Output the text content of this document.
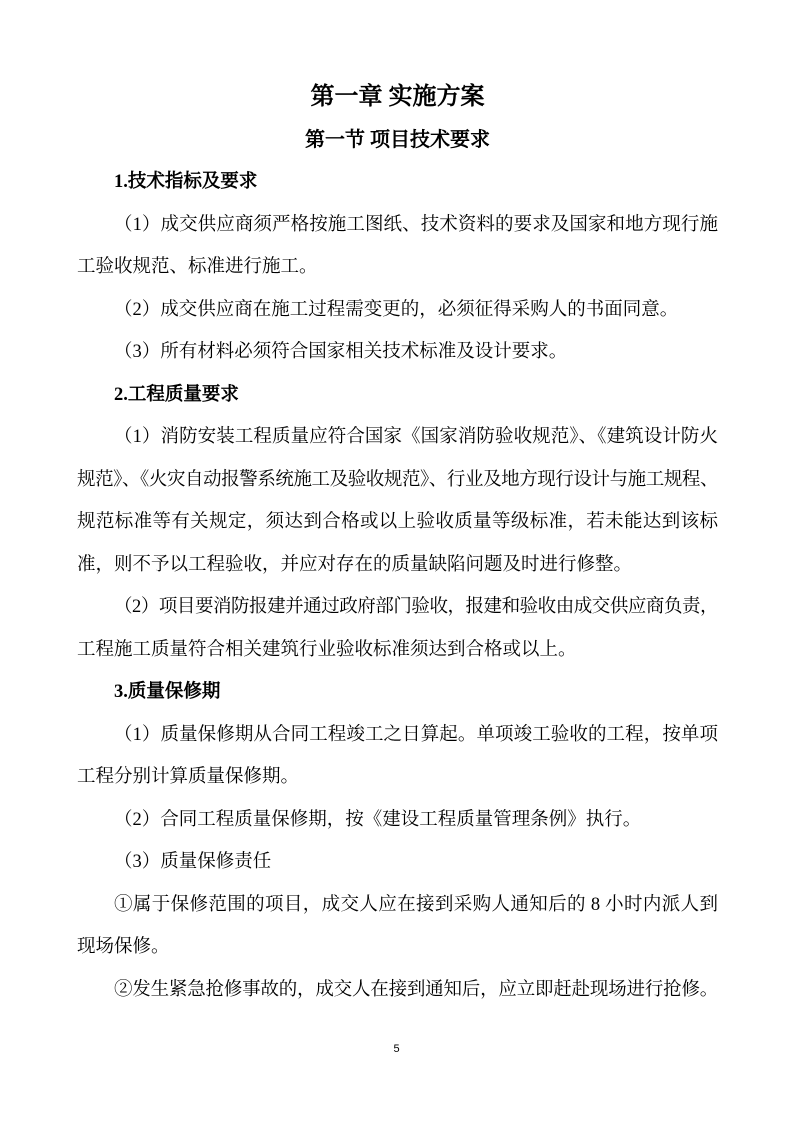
第一章 实施方案
第一节 项目技术要求
1.技术指标及要求
（1）成交供应商须严格按施工图纸、技术资料的要求及国家和地方现行施
工验收规范、标准进行施工。
（2）成交供应商在施工过程需变更的，必须征得采购人的书面同意。
（3）所有材料必须符合国家相关技术标准及设计要求。
2.工程质量要求
（1）消防安装工程质量应符合国家《国家消防验收规范》、《建筑设计防火
规范》、《火灾自动报警系统施工及验收规范》、行业及地方现行设计与施工规程、
规范标准等有关规定，须达到合格或以上验收质量等级标准，若未能达到该标
准，则不予以工程验收，并应对存在的质量缺陷问题及时进行修整。
（2）项目要消防报建并通过政府部门验收，报建和验收由成交供应商负责，
工程施工质量符合相关建筑行业验收标准须达到合格或以上。
3.质量保修期
（1）质量保修期从合同工程竣工之日算起。单项竣工验收的工程，按单项
工程分别计算质量保修期。
（2）合同工程质量保修期，按《建设工程质量管理条例》执行。
（3）质量保修责任
①属于保修范围的项目，成交人应在接到采购人通知后的 8 小时内派人到
现场保修。
②发生紧急抢修事故的，成交人在接到通知后，应立即赶赴现场进行抢修。
5
